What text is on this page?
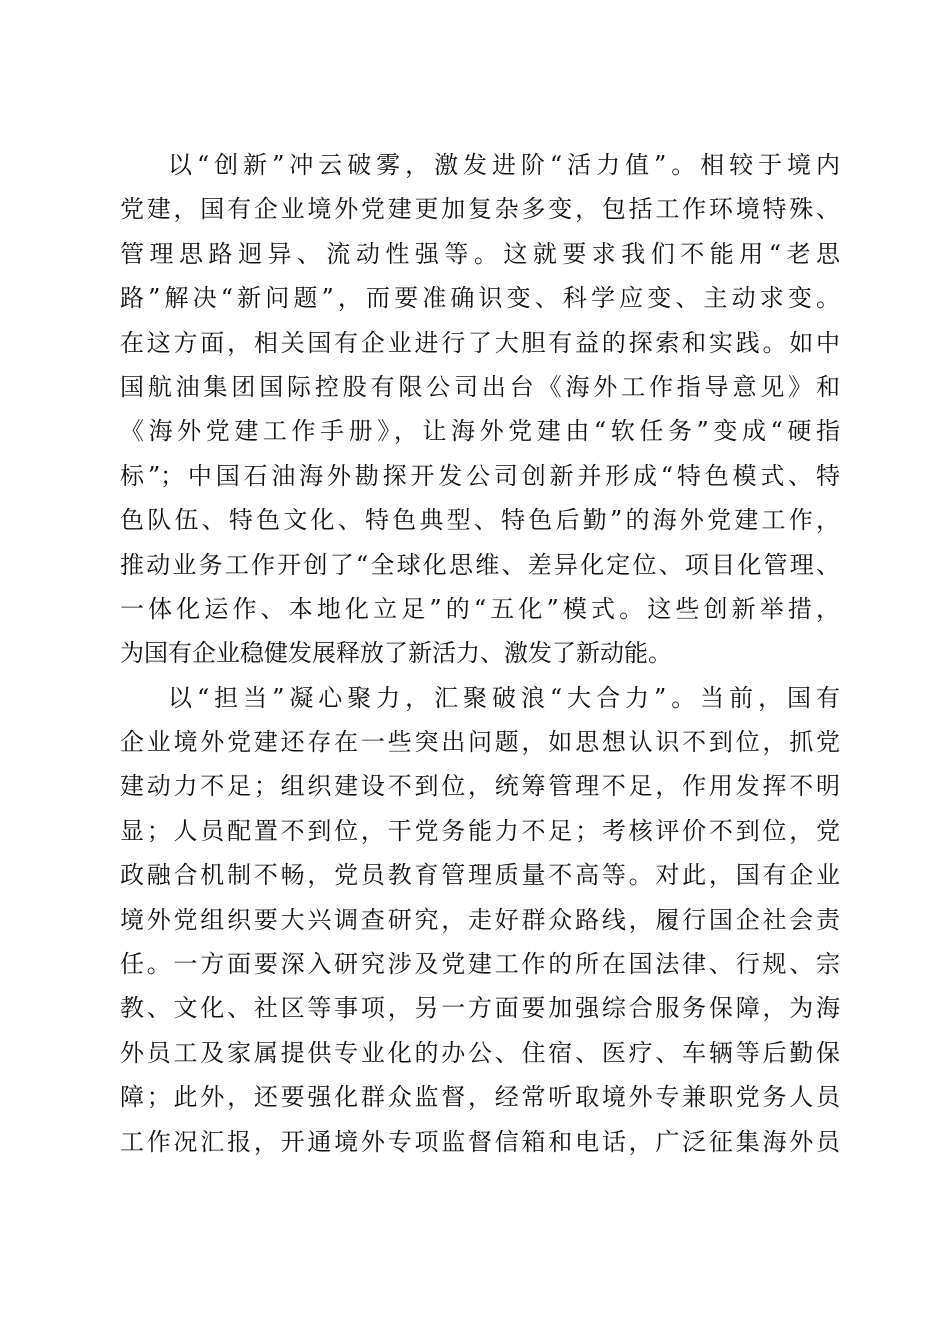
以“创新”冲云破雾，激发进阶“活力值”。相较于境内
党建，国有企业境外党建更加复杂多变，包括工作环境特殊、
管理思路迥异、流动性强等。这就要求我们不能用“老思
路”解决“新问题”，而要准确识变、科学应变、主动求变。
在这方面，相关国有企业进行了大胆有益的探索和实践。如中
国航油集团国际控股有限公司出台《海外工作指导意见》和
《海外党建工作手册》，让海外党建由“软任务”变成“硬指
标”；中国石油海外勘探开发公司创新并形成“特色模式、特
色队伍、特色文化、特色典型、特色后勤”的海外党建工作，
推动业务工作开创了“全球化思维、差异化定位、项目化管理、
一体化运作、本地化立足”的“五化”模式。这些创新举措，
为国有企业稳健发展释放了新活力、激发了新动能。
以“担当”凝心聚力，汇聚破浪“大合力”。当前，国有
企业境外党建还存在一些突出问题，如思想认识不到位，抓党
建动力不足；组织建设不到位，统筹管理不足，作用发挥不明
显；人员配置不到位，干党务能力不足；考核评价不到位，党
政融合机制不畅，党员教育管理质量不高等。对此，国有企业
境外党组织要大兴调查研究，走好群众路线，履行国企社会责
任。一方面要深入研究涉及党建工作的所在国法律、行规、宗
教、文化、社区等事项，另一方面要加强综合服务保障，为海
外员工及家属提供专业化的办公、住宿、医疗、车辆等后勤保
障；此外，还要强化群众监督，经常听取境外专兼职党务人员
工作况汇报，开通境外专项监督信箱和电话，广泛征集海外员
